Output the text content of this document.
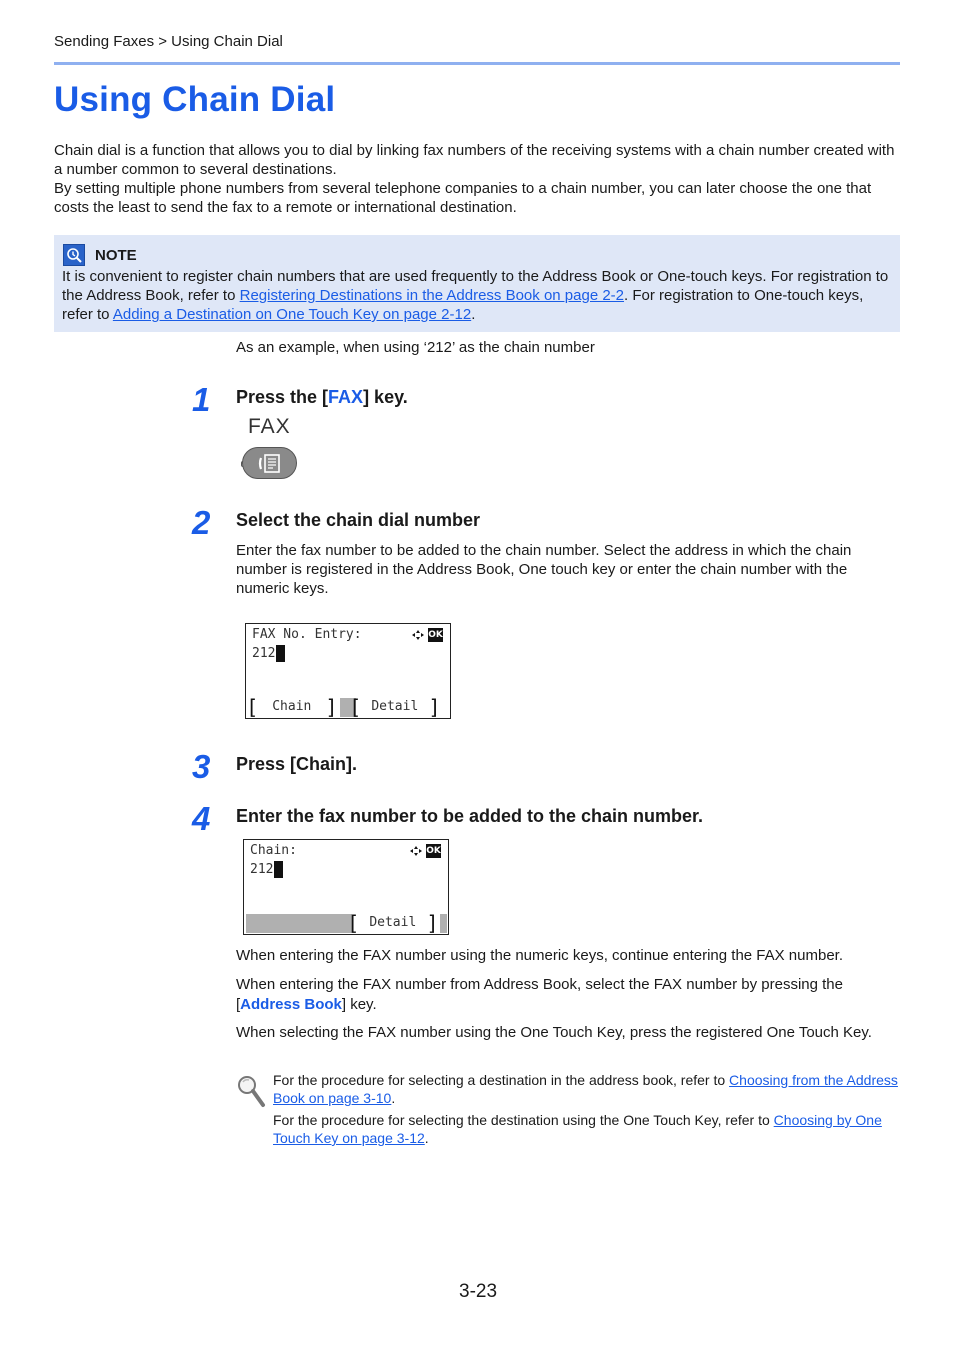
Sending Faxes > Using Chain Dial
Using Chain Dial

Chain dial is a function that allows you to dial by linking fax numbers of the receiving systems with a chain number created with a number common to several destinations.

By setting multiple phone numbers from several telephone companies to a chain number, you can later choose the one that costs the least to send the fax to a remote or international destination.

NOTE
It is convenient to register chain numbers that are used frequently to the Address Book or One-touch keys. For registration to the Address Book, refer to Registering Destinations in the Address Book on page 2-2. For registration to One-touch keys, refer to Adding a Destination on One Touch Key on page 2-12.
As an example, when using ‘212’ as the chain number
1 Press the [FAX] key.
FAX
2 Select the chain dial number
Enter the fax number to be added to the chain number. Select the address in which the chain number is registered in the Address Book, One touch key or enter the chain number with the numeric keys.
FAX No. Entry:	OK
212
[	Chain ] [ Detail ]
3 Press [Chain].
4 Enter the fax number to be added to the chain number.
Chain:	OK
212
[ Detail ]
When entering the FAX number using the numeric keys, continue entering the FAX number.
When entering the FAX number from Address Book, select the FAX number by pressing the [Address Book] key.
When selecting the FAX number using the One Touch Key, press the registered One Touch Key.
For the procedure for selecting a destination in the address book, refer to Choosing from the Address Book on page 3-10.
For the procedure for selecting the destination using the One Touch Key, refer to Choosing by One Touch Key on page 3-12.
3-23
